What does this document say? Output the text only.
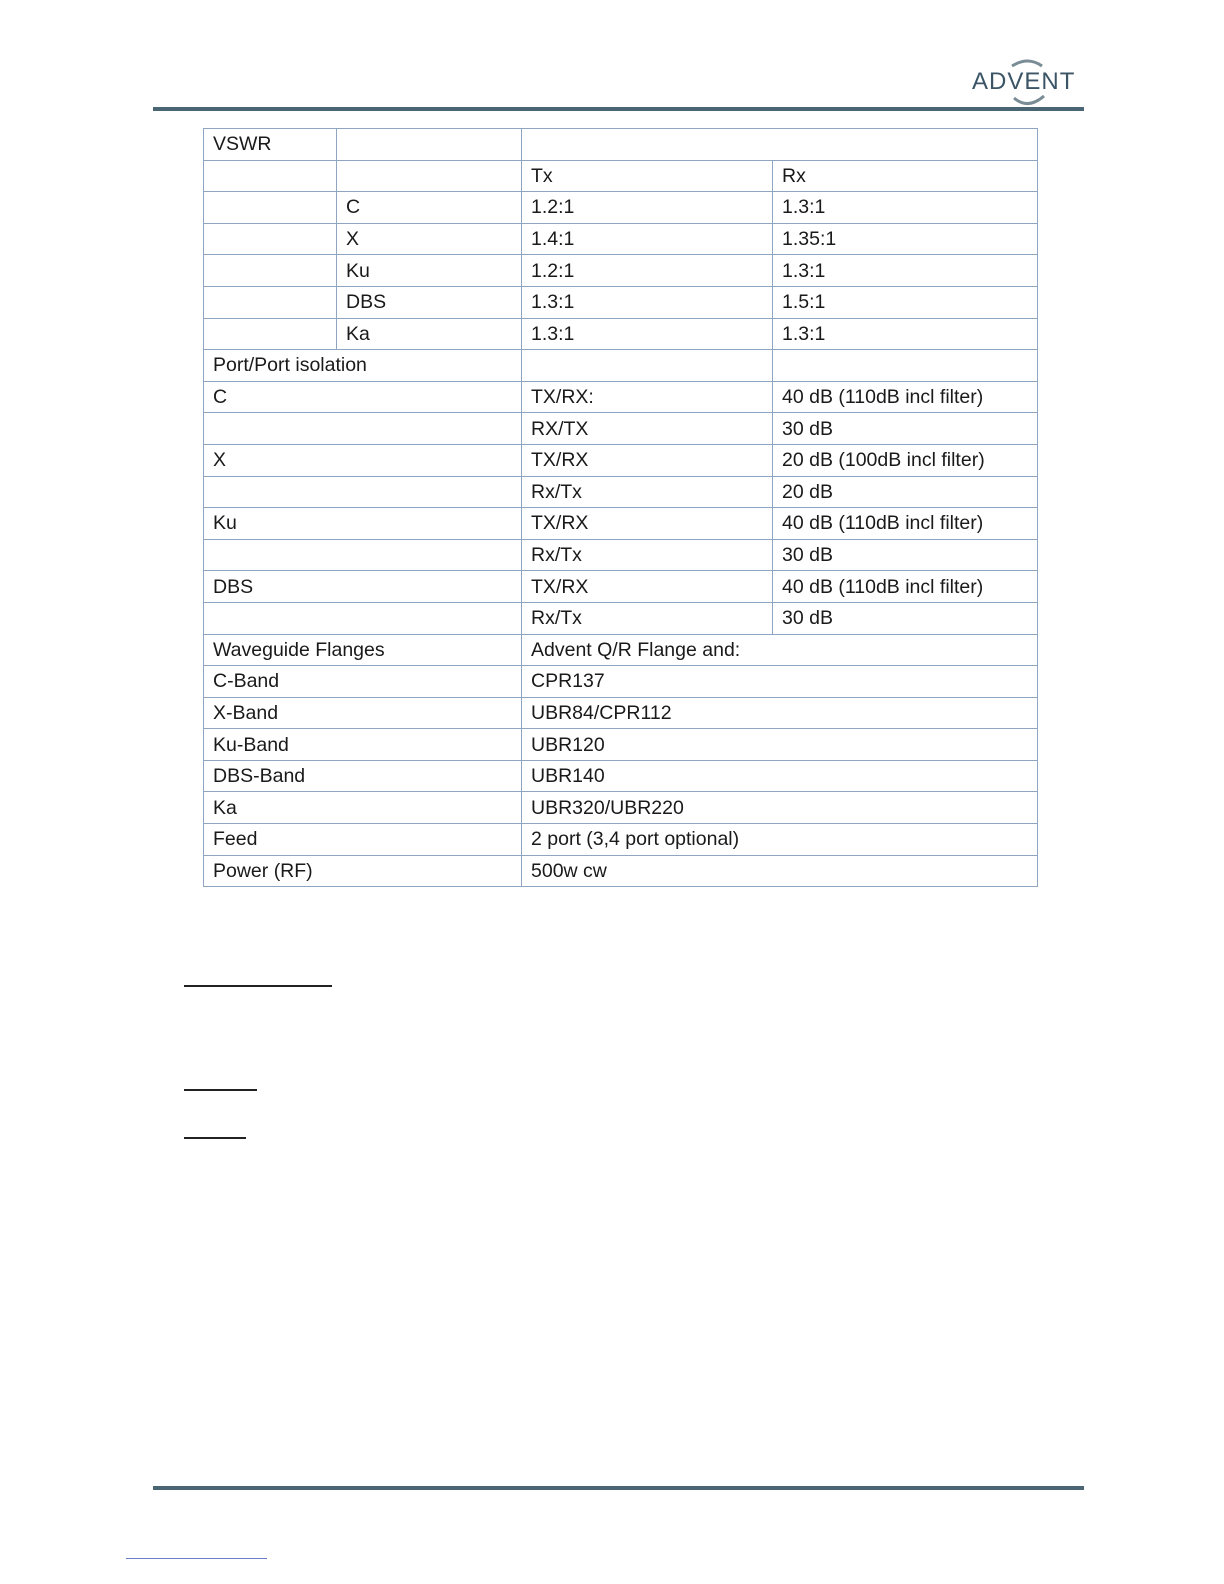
ADVENT
VSWR			
		Tx	Rx
	C	1.2:1	1.3:1
	X	1.4:1	1.35:1
	Ku	1.2:1	1.3:1
	DBS	1.3:1	1.5:1
	Ka	1.3:1	1.3:1
Port/Port isolation			
C		TX/RX:	40 dB (110dB incl filter)
		RX/TX	30 dB
X		TX/RX	20 dB (100dB incl filter)
		Rx/Tx	20 dB
Ku		TX/RX	40 dB (110dB incl filter)
		Rx/Tx	30 dB
DBS		TX/RX	40 dB (110dB incl filter)
		Rx/Tx	30 dB
Waveguide Flanges		Advent Q/R Flange and:	
C-Band		CPR137	
X-Band		UBR84/CPR112	
Ku-Band		UBR120	
DBS-Band		UBR140	
Ka		UBR320/UBR220	
Feed		2 port (3,4 port optional)	
Power (RF)		500w cw	
